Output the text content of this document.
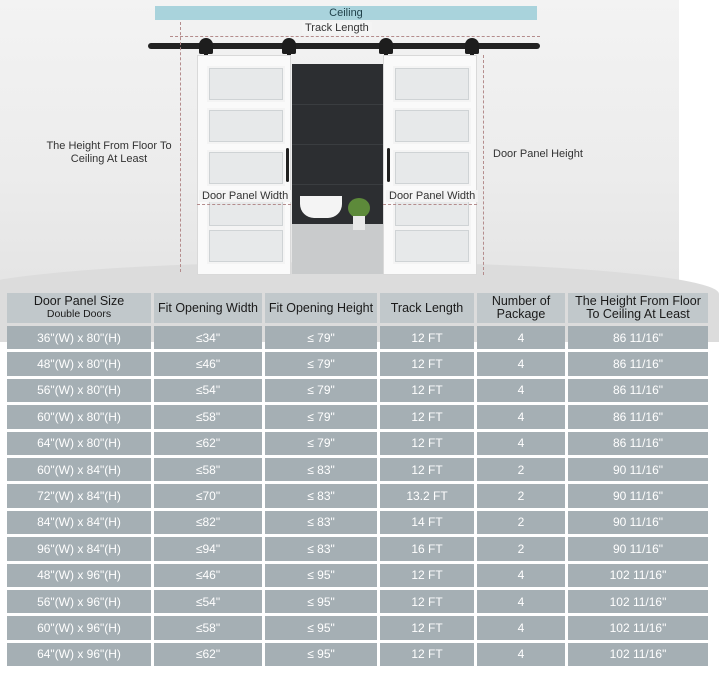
Ceiling
Track Length
The Height From Floor To Ceiling At Least	Door Panel Height
Door Panel Width	Door Panel Width
Door Panel Size
Double Doors	Fit Opening Width	Fit Opening Height	Track Length	Number of Package	The Height From Floor To Ceiling At Least
36"(W) x 80"(H)	≤34"	≤ 79"	12 FT	4	86 11/16"
48"(W) x 80"(H)	≤46"	≤ 79"	12 FT	4	86 11/16"
56"(W) x 80"(H)	≤54"	≤ 79"	12 FT	4	86 11/16"
60"(W) x 80"(H)	≤58"	≤ 79"	12 FT	4	86 11/16"
64"(W) x 80"(H)	≤62"	≤ 79"	12 FT	4	86 11/16"
60"(W) x 84"(H)	≤58"	≤ 83"	12 FT	2	90 11/16"
72"(W) x 84"(H)	≤70"	≤ 83"	13.2 FT	2	90 11/16"
84"(W) x 84"(H)	≤82"	≤ 83"	14 FT	2	90 11/16"
96"(W) x 84"(H)	≤94"	≤ 83"	16 FT	2	90 11/16"
48"(W) x 96"(H)	≤46"	≤ 95"	12 FT	4	102 11/16"
56"(W) x 96"(H)	≤54"	≤ 95"	12 FT	4	102 11/16"
60"(W) x 96"(H)	≤58"	≤ 95"	12 FT	4	102 11/16"
64"(W) x 96"(H)	≤62"	≤ 95"	12 FT	4	102 11/16"
